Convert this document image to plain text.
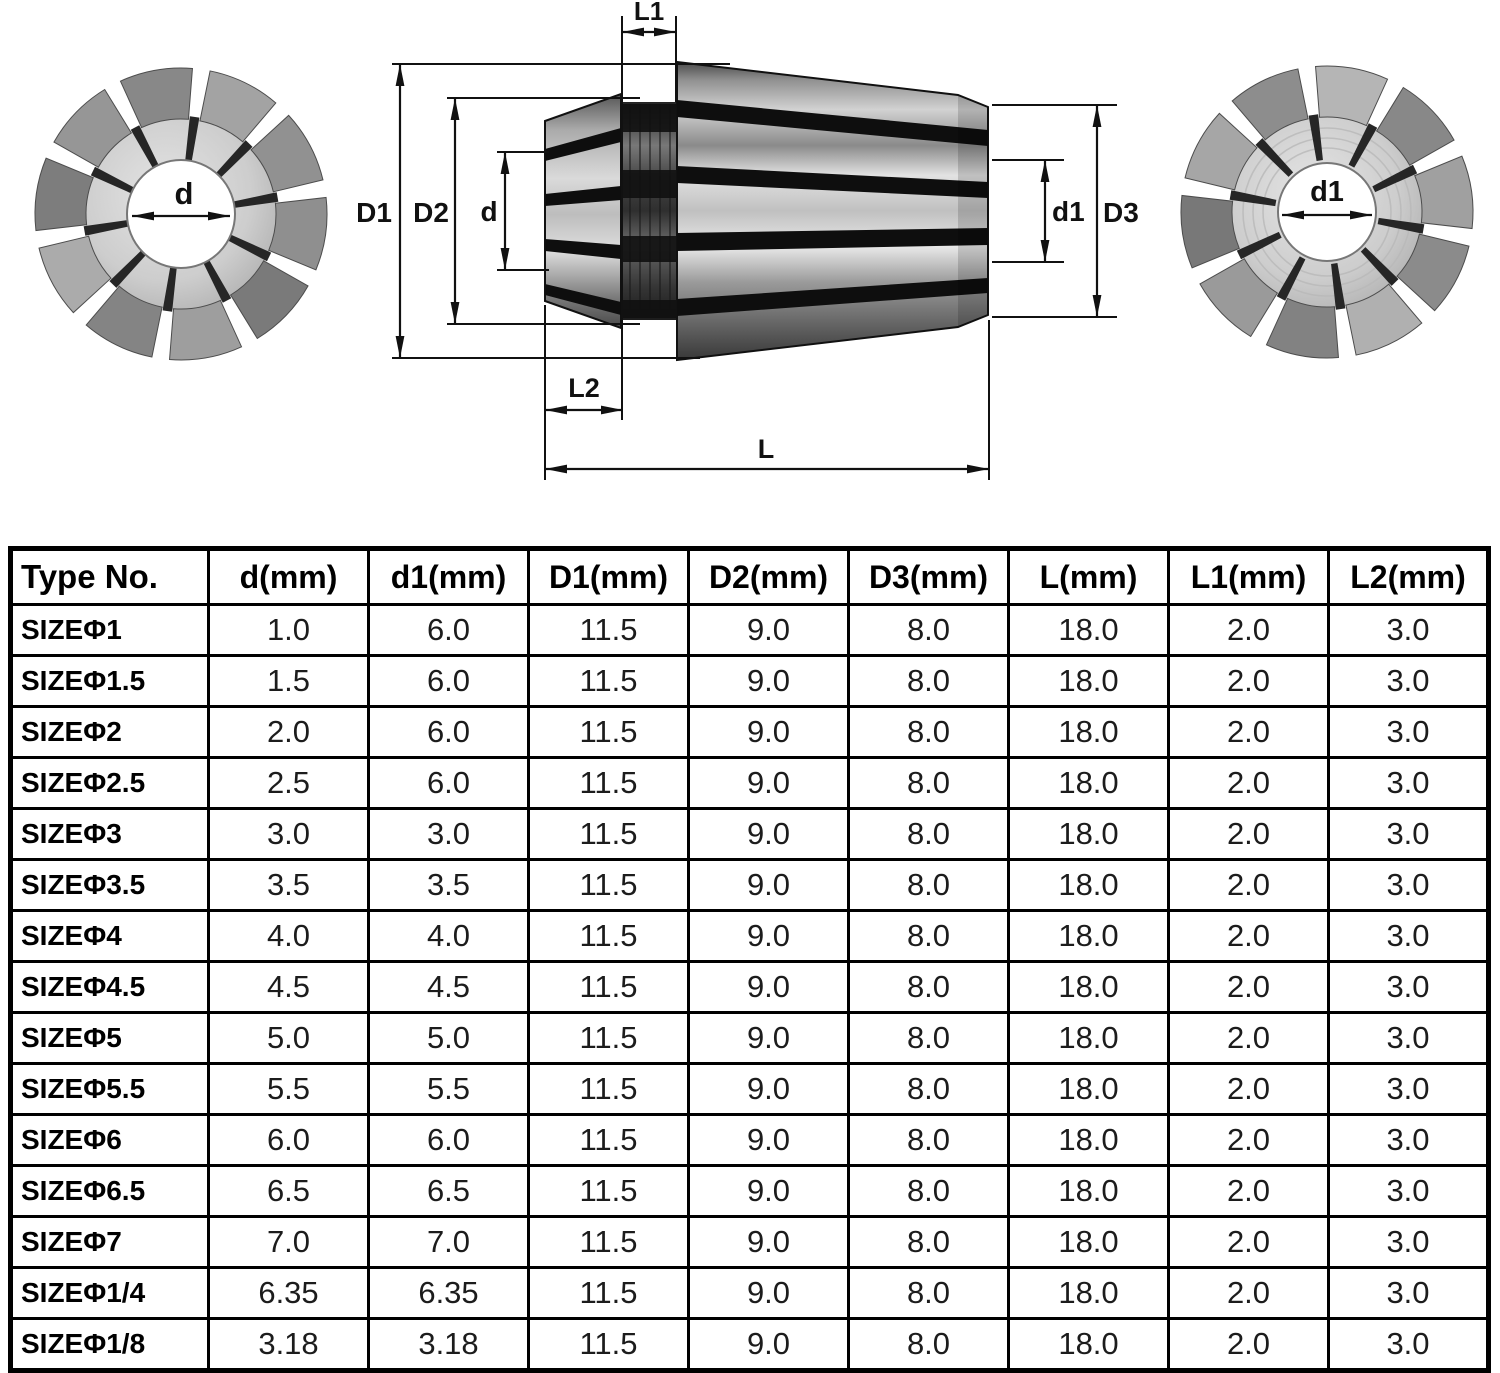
d
L1
D1 D2 d	d1 D3
L2
L
d1
Type No.	d(mm)	d1(mm)	D1(mm)	D2(mm)	D3(mm)	L(mm)	L1(mm)	L2(mm)
SIZEΦ1	1.0	6.0	11.5	9.0	8.0	18.0	2.0	3.0
SIZEΦ1.5	1.5	6.0	11.5	9.0	8.0	18.0	2.0	3.0
SIZEΦ2	2.0	6.0	11.5	9.0	8.0	18.0	2.0	3.0
SIZEΦ2.5	2.5	6.0	11.5	9.0	8.0	18.0	2.0	3.0
SIZEΦ3	3.0	3.0	11.5	9.0	8.0	18.0	2.0	3.0
SIZEΦ3.5	3.5	3.5	11.5	9.0	8.0	18.0	2.0	3.0
SIZEΦ4	4.0	4.0	11.5	9.0	8.0	18.0	2.0	3.0
SIZEΦ4.5	4.5	4.5	11.5	9.0	8.0	18.0	2.0	3.0
SIZEΦ5	5.0	5.0	11.5	9.0	8.0	18.0	2.0	3.0
SIZEΦ5.5	5.5	5.5	11.5	9.0	8.0	18.0	2.0	3.0
SIZEΦ6	6.0	6.0	11.5	9.0	8.0	18.0	2.0	3.0
SIZEΦ6.5	6.5	6.5	11.5	9.0	8.0	18.0	2.0	3.0
SIZEΦ7	7.0	7.0	11.5	9.0	8.0	18.0	2.0	3.0
SIZEΦ1/4	6.35	6.35	11.5	9.0	8.0	18.0	2.0	3.0
SIZEΦ1/8	3.18	3.18	11.5	9.0	8.0	18.0	2.0	3.0
